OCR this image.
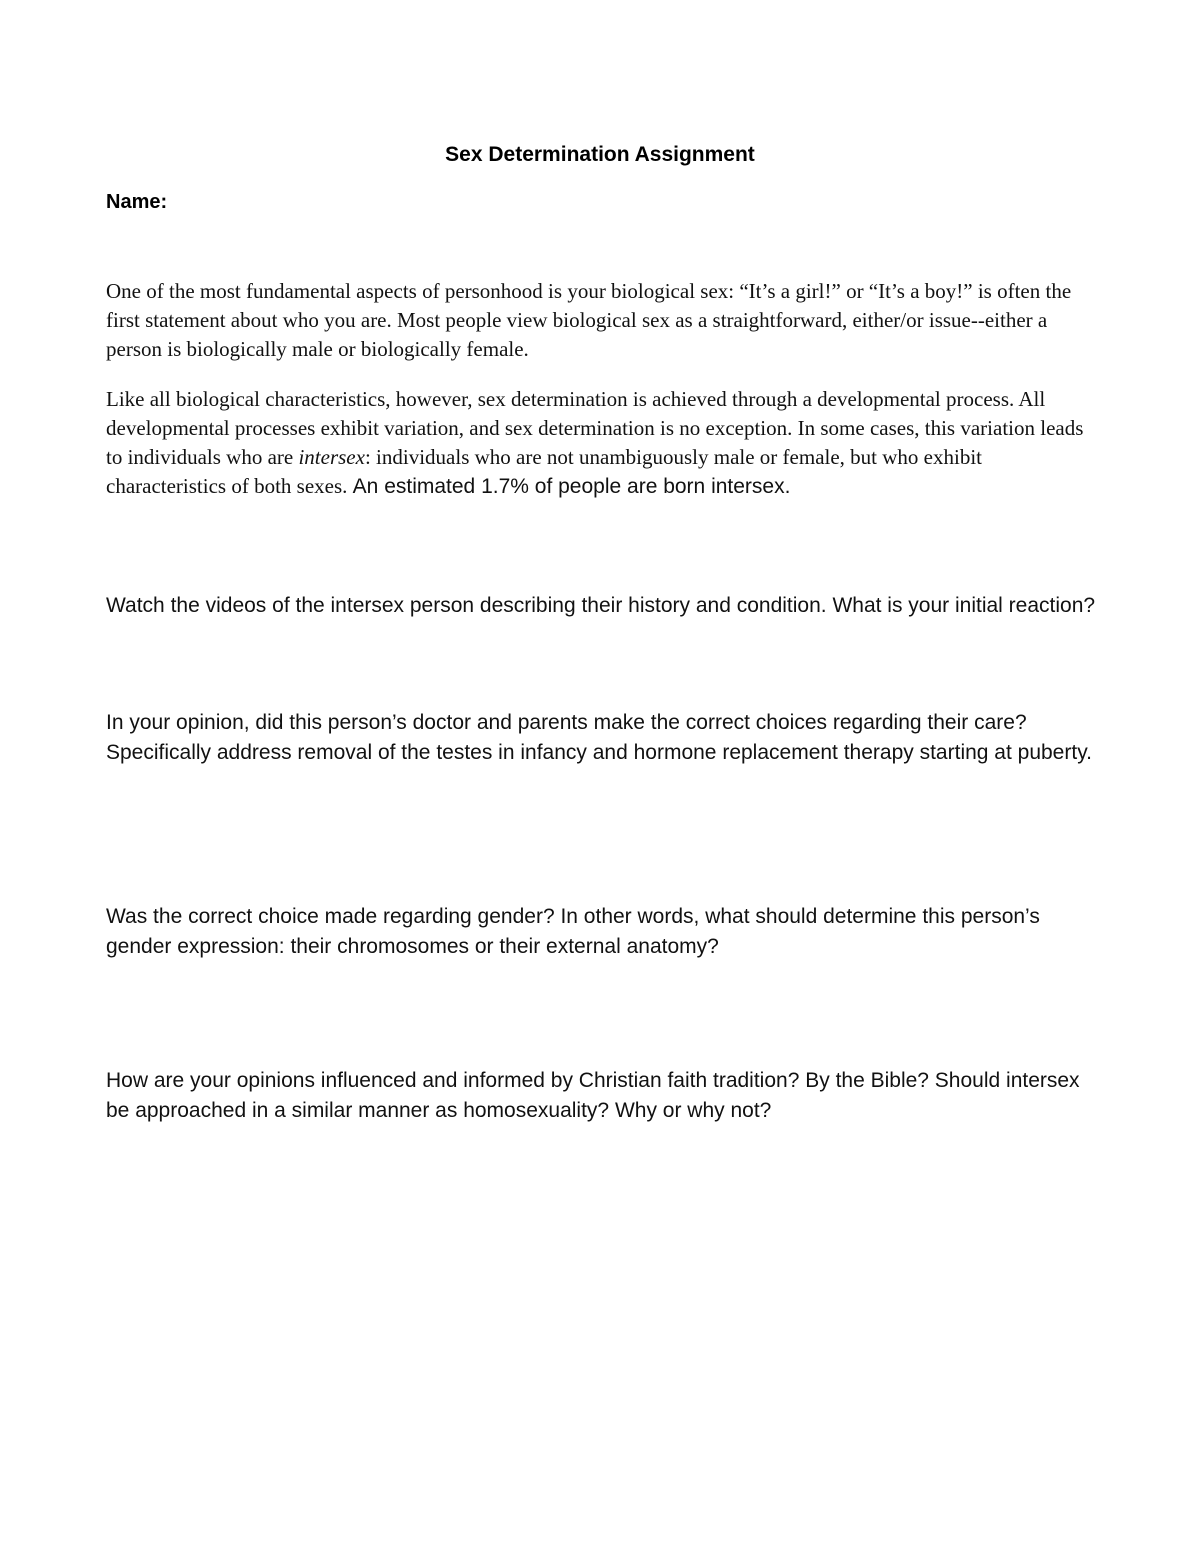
Sex Determination Assignment

Name:

One of the most fundamental aspects of personhood is your biological sex: “It’s a girl!” or “It’s a boy!” is often the first statement about who you are. Most people view biological sex as a straightforward, either/or issue--either a person is biologically male or biologically female.

Like all biological characteristics, however, sex determination is achieved through a developmental process. All developmental processes exhibit variation, and sex determination is no exception. In some cases, this variation leads to individuals who are intersex: individuals who are not unambiguously male or female, but who exhibit characteristics of both sexes. An estimated 1.7% of people are born intersex.

Watch the videos of the intersex person describing their history and condition. What is your initial reaction?

In your opinion, did this person’s doctor and parents make the correct choices regarding their care? Specifically address removal of the testes in infancy and hormone replacement therapy starting at puberty.

Was the correct choice made regarding gender? In other words, what should determine this person’s gender expression: their chromosomes or their external anatomy?

How are your opinions influenced and informed by Christian faith tradition? By the Bible? Should intersex be approached in a similar manner as homosexuality? Why or why not?
